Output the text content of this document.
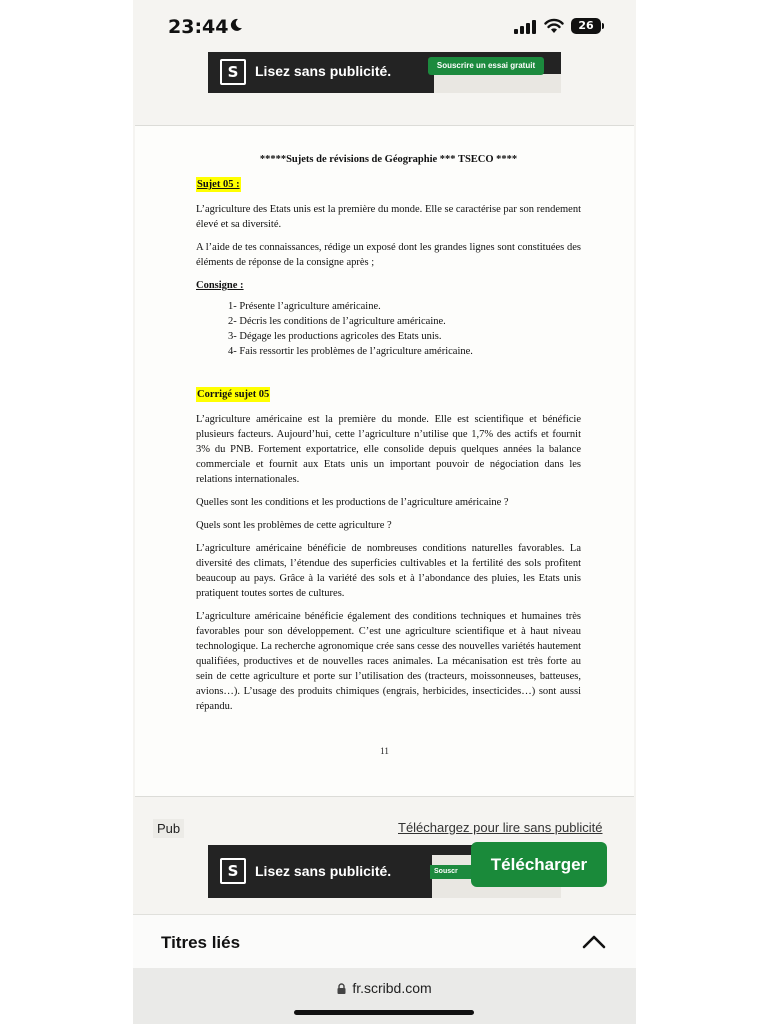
23:44	26
S	Lisez sans publicité.	Souscrire un essai gratuit
*****Sujets de révisions de Géographie *** TSECO ****
Sujet 05 :

L’agriculture des Etats unis est la première du monde. Elle se caractérise par son rendement élevé et sa diversité.

A l’aide de tes connaissances, rédige un exposé dont les grandes lignes sont constituées des éléments de réponse de la consigne après ;

Consigne :
1- Présente l’agriculture américaine.
2- Décris les conditions de l’agriculture américaine.
3- Dégage les productions agricoles des Etats unis.
4- Fais ressortir les problèmes de l’agriculture américaine.
Corrigé sujet 05

L’agriculture américaine est la première du monde. Elle est scientifique et bénéficie plusieurs facteurs. Aujourd’hui, cette l’agriculture n’utilise que 1,7% des actifs et fournit 3% du PNB. Fortement exportatrice, elle consolide depuis quelques années la balance commerciale et fournit aux Etats unis un important pouvoir de négociation dans les relations internationales.

Quelles sont les conditions et les productions de l’agriculture américaine ?

Quels sont les problèmes de cette agriculture ?

L’agriculture américaine bénéficie de nombreuses conditions naturelles favorables. La diversité des climats, l’étendue des superficies cultivables et la fertilité des sols profitent beaucoup au pays. Grâce à la variété des sols et à l’abondance des pluies, les Etats unis pratiquent toutes sortes de cultures.

L’agriculture américaine bénéficie également des conditions techniques et humaines très favorables pour son développement. C’est une agriculture scientifique et à haut niveau technologique. La recherche agronomique crée sans cesse des nouvelles variétés hautement qualifiées, productives et de nouvelles races animales. La mécanisation est très forte au sein de cette agriculture et porte sur l’utilisation des (tracteurs, moissonneuses, batteuses, avions…). L’usage des produits chimiques (engrais, herbicides, insecticides…) sont aussi répandu.

11
Pub	Téléchargez pour lire sans publicité
S	Lisez sans publicité.	Souscr	Télécharger
Titres liés
fr.scribd.com
